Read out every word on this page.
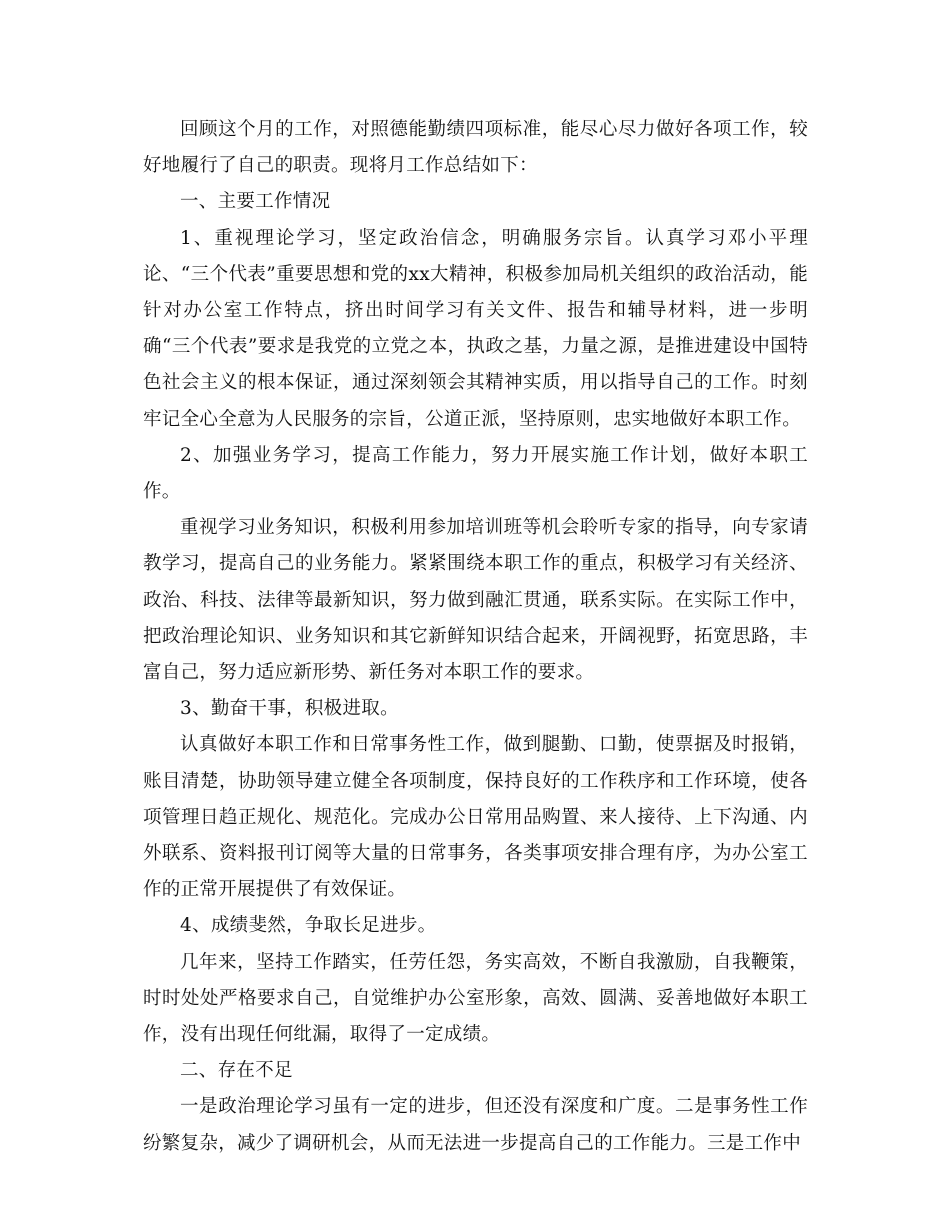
回顾这个月的工作，对照德能勤绩四项标准，能尽心尽力做好各项工作，较好地履行了自己的职责。现将月工作总结如下：

一、主要工作情况

1、重视理论学习，坚定政治信念，明确服务宗旨。认真学习邓小平理论、“三个代表”重要思想和党的xx大精神，积极参加局机关组织的政治活动，能针对办公室工作特点，挤出时间学习有关文件、报告和辅导材料，进一步明确“三个代表”要求是我党的立党之本，执政之基，力量之源，是推进建设中国特色社会主义的根本保证，通过深刻领会其精神实质，用以指导自己的工作。时刻牢记全心全意为人民服务的宗旨，公道正派，坚持原则，忠实地做好本职工作。

2、加强业务学习，提高工作能力，努力开展实施工作计划，做好本职工作。

重视学习业务知识，积极利用参加培训班等机会聆听专家的指导，向专家请教学习，提高自己的业务能力。紧紧围绕本职工作的重点，积极学习有关经济、政治、科技、法律等最新知识，努力做到融汇贯通，联系实际。在实际工作中，把政治理论知识、业务知识和其它新鲜知识结合起来，开阔视野，拓宽思路，丰富自己，努力适应新形势、新任务对本职工作的要求。

3、勤奋干事，积极进取。

认真做好本职工作和日常事务性工作，做到腿勤、口勤，使票据及时报销，账目清楚，协助领导建立健全各项制度，保持良好的工作秩序和工作环境，使各项管理日趋正规化、规范化。完成办公日常用品购置、来人接待、上下沟通、内外联系、资料报刊订阅等大量的日常事务，各类事项安排合理有序，为办公室工作的正常开展提供了有效保证。

4、成绩斐然，争取长足进步。

几年来，坚持工作踏实，任劳任怨，务实高效，不断自我激励，自我鞭策，时时处处严格要求自己，自觉维护办公室形象，高效、圆满、妥善地做好本职工作，没有出现任何纰漏，取得了一定成绩。

二、存在不足

一是政治理论学习虽有一定的进步，但还没有深度和广度。二是事务性工作纷繁复杂，减少了调研机会，从而无法进一步提高自己的工作能力。三是工作中
